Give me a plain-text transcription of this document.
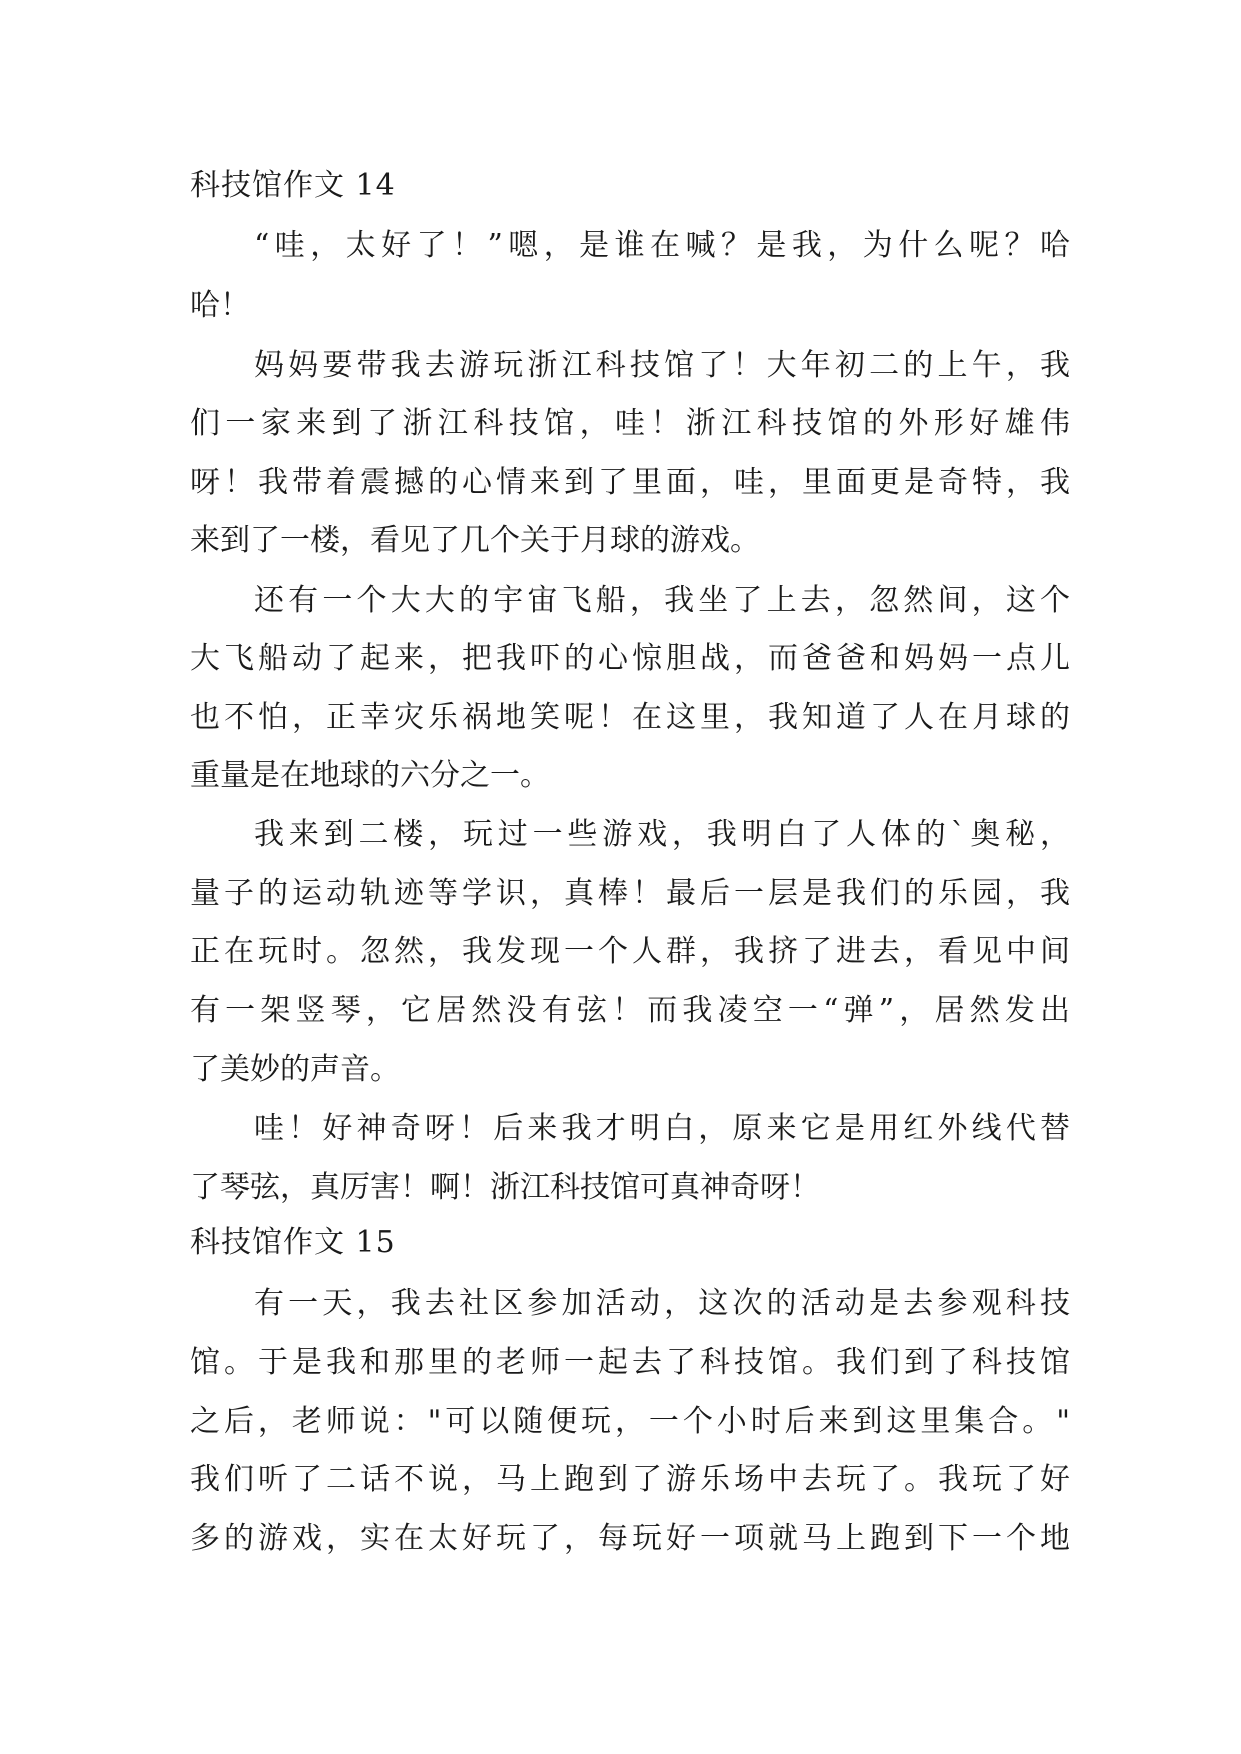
科技馆作文 14
“哇，太好了！”嗯，是谁在喊？是我，为什么呢？哈
哈！
妈妈要带我去游玩浙江科技馆了！大年初二的上午，我
们一家来到了浙江科技馆，哇！浙江科技馆的外形好雄伟
呀！我带着震撼的心情来到了里面，哇，里面更是奇特，我
来到了一楼，看见了几个关于月球的游戏。
还有一个大大的宇宙飞船，我坐了上去，忽然间，这个
大飞船动了起来，把我吓的心惊胆战，而爸爸和妈妈一点儿
也不怕，正幸灾乐祸地笑呢！在这里，我知道了人在月球的
重量是在地球的六分之一。
我来到二楼，玩过一些游戏，我明白了人体的`奥秘，
量子的运动轨迹等学识，真棒！最后一层是我们的乐园，我
正在玩时。忽然，我发现一个人群，我挤了进去，看见中间
有一架竖琴，它居然没有弦！而我凌空一“弹”，居然发出
了美妙的声音。
哇！好神奇呀！后来我才明白，原来它是用红外线代替
了琴弦，真厉害！啊！浙江科技馆可真神奇呀！
科技馆作文 15
有一天，我去社区参加活动，这次的活动是去参观科技
馆。于是我和那里的老师一起去了科技馆。我们到了科技馆
之后，老师说："可以随便玩，一个小时后来到这里集合。"
我们听了二话不说，马上跑到了游乐场中去玩了。我玩了好
多的游戏，实在太好玩了，每玩好一项就马上跑到下一个地
